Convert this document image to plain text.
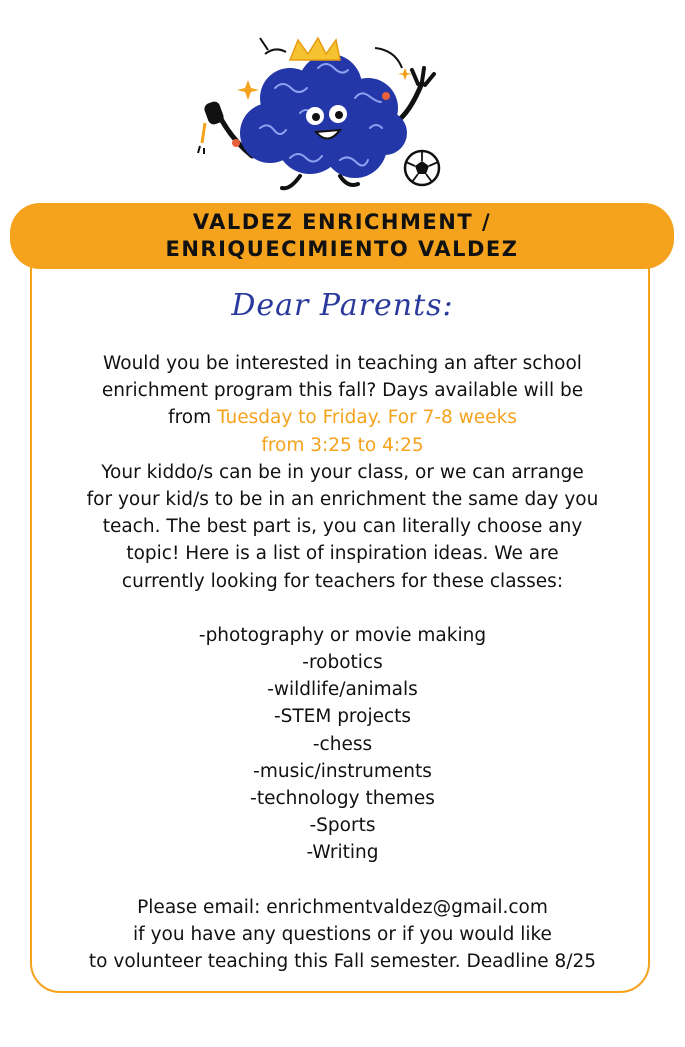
VALDEZ ENRICHMENT /
ENRIQUECIMIENTO VALDEZ
Dear Parents:
Would you be interested in teaching an after school
enrichment program this fall? Days available will be
from Tuesday to Friday. For 7-8 weeks
from 3:25 to 4:25
Your kiddo/s can be in your class, or we can arrange
for your kid/s to be in an enrichment the same day you
teach. The best part is, you can literally choose any
topic! Here is a list of inspiration ideas. We are
currently looking for teachers for these classes:
-photography or movie making
-robotics
-wildlife/animals
-STEM projects
-chess
-music/instruments
-technology themes
-Sports
-Writing
Please email: enrichmentvaldez@gmail.com
if you have any questions or if you would like
to volunteer teaching this Fall semester. Deadline 8/25
